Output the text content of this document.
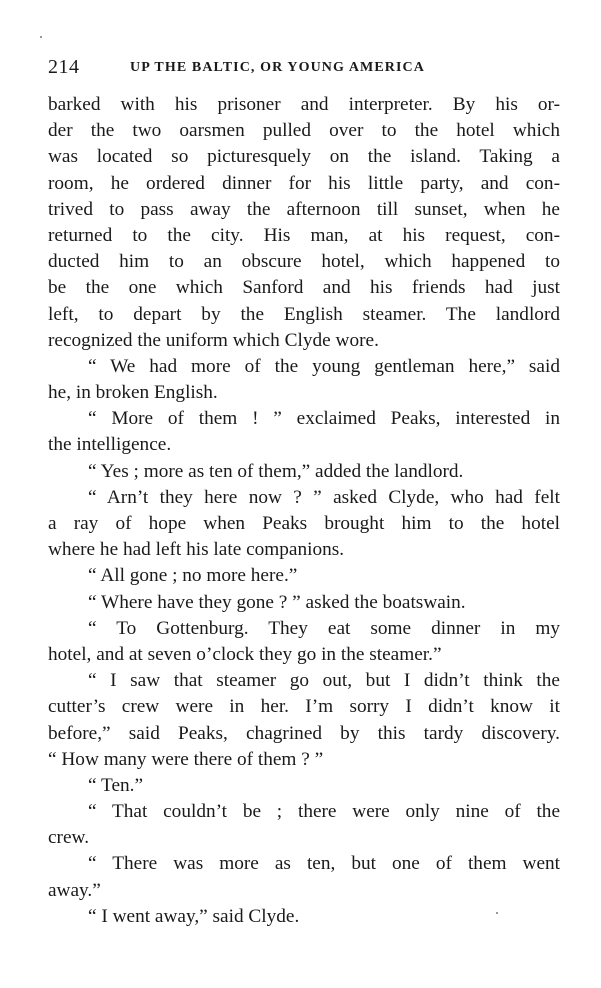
214	UP THE BALTIC, OR YOUNG AMERICA
barked with his prisoner and interpreter. By his or-
der the two oarsmen pulled over to the hotel which
was located so picturesquely on the island. Taking a
room, he ordered dinner for his little party, and con-
trived to pass away the afternoon till sunset, when he
returned to the city. His man, at his request, con-
ducted him to an obscure hotel, which happened to
be the one which Sanford and his friends had just
left, to depart by the English steamer. The landlord
recognized the uniform which Clyde wore.
“ We had more of the young gentleman here,” said
he, in broken English.
“ More of them ! ” exclaimed Peaks, interested in
the intelligence.
“ Yes ; more as ten of them,” added the landlord.
“ Arn’t they here now ? ” asked Clyde, who had felt
a ray of hope when Peaks brought him to the hotel
where he had left his late companions.
“ All gone ; no more here.”
“ Where have they gone ? ” asked the boatswain.
“ To Gottenburg. They eat some dinner in my
hotel, and at seven o’clock they go in the steamer.”
“ I saw that steamer go out, but I didn’t think the
cutter’s crew were in her. I’m sorry I didn’t know it
before,” said Peaks, chagrined by this tardy discovery.
“ How many were there of them ? ”
“ Ten.”
“ That couldn’t be ; there were only nine of the
crew.
“ There was more as ten, but one of them went
away.”
“ I went away,” said Clyde.
